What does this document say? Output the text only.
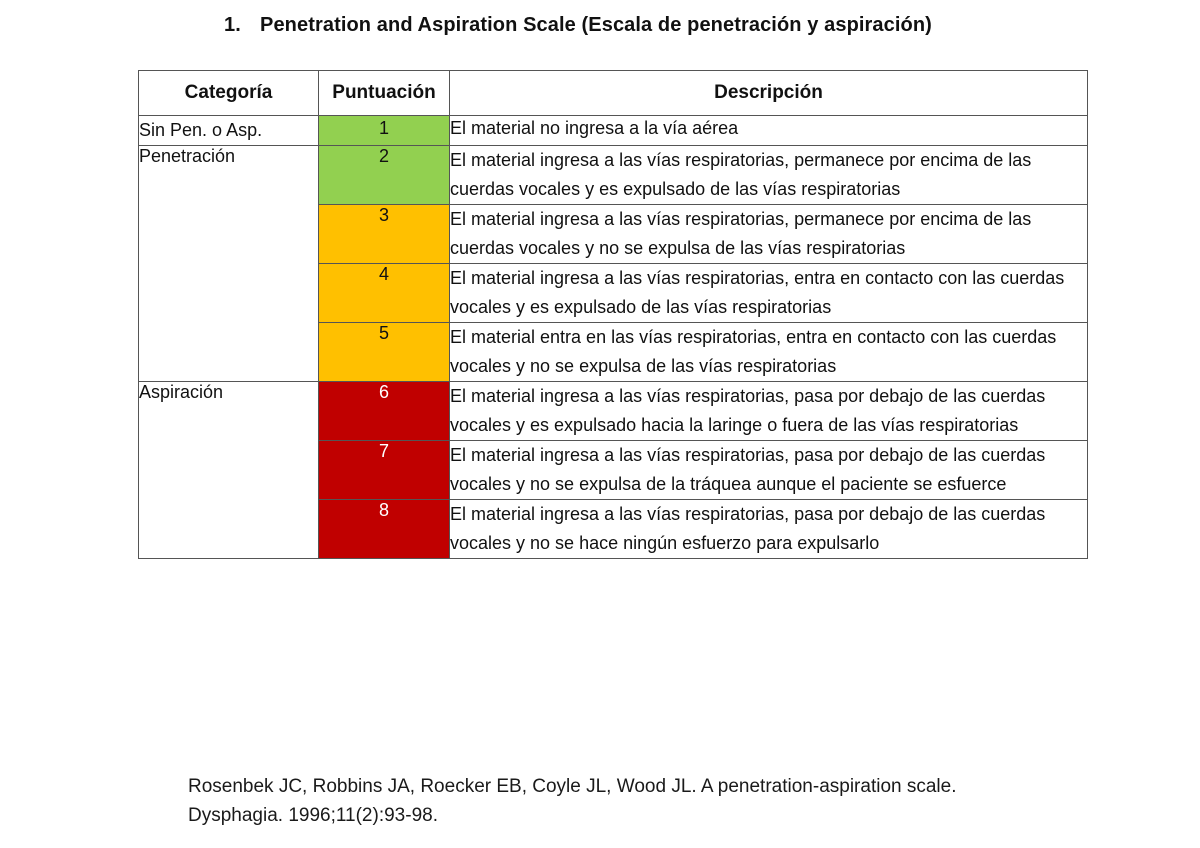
1. Penetration and Aspiration Scale (Escala de penetración y aspiración)
Categoría	Puntuación	Descripción
Sin Pen. o Asp.	1	El material no ingresa a la vía aérea
Penetración	2	El material ingresa a las vías respiratorias, permanece por encima de las cuerdas vocales y es expulsado de las vías respiratorias
	3	El material ingresa a las vías respiratorias, permanece por encima de las cuerdas vocales y no se expulsa de las vías respiratorias
	4	El material ingresa a las vías respiratorias, entra en contacto con las cuerdas vocales y es expulsado de las vías respiratorias
	5	El material entra en las vías respiratorias, entra en contacto con las cuerdas vocales y no se expulsa de las vías respiratorias
Aspiración	6	El material ingresa a las vías respiratorias, pasa por debajo de las cuerdas vocales y es expulsado hacia la laringe o fuera de las vías respiratorias
	7	El material ingresa a las vías respiratorias, pasa por debajo de las cuerdas vocales y no se expulsa de la tráquea aunque el paciente se esfuerce
	8	El material ingresa a las vías respiratorias, pasa por debajo de las cuerdas vocales y no se hace ningún esfuerzo para expulsarlo
Rosenbek JC, Robbins JA, Roecker EB, Coyle JL, Wood JL. A penetration-aspiration scale.
Dysphagia. 1996;11(2):93-98.
